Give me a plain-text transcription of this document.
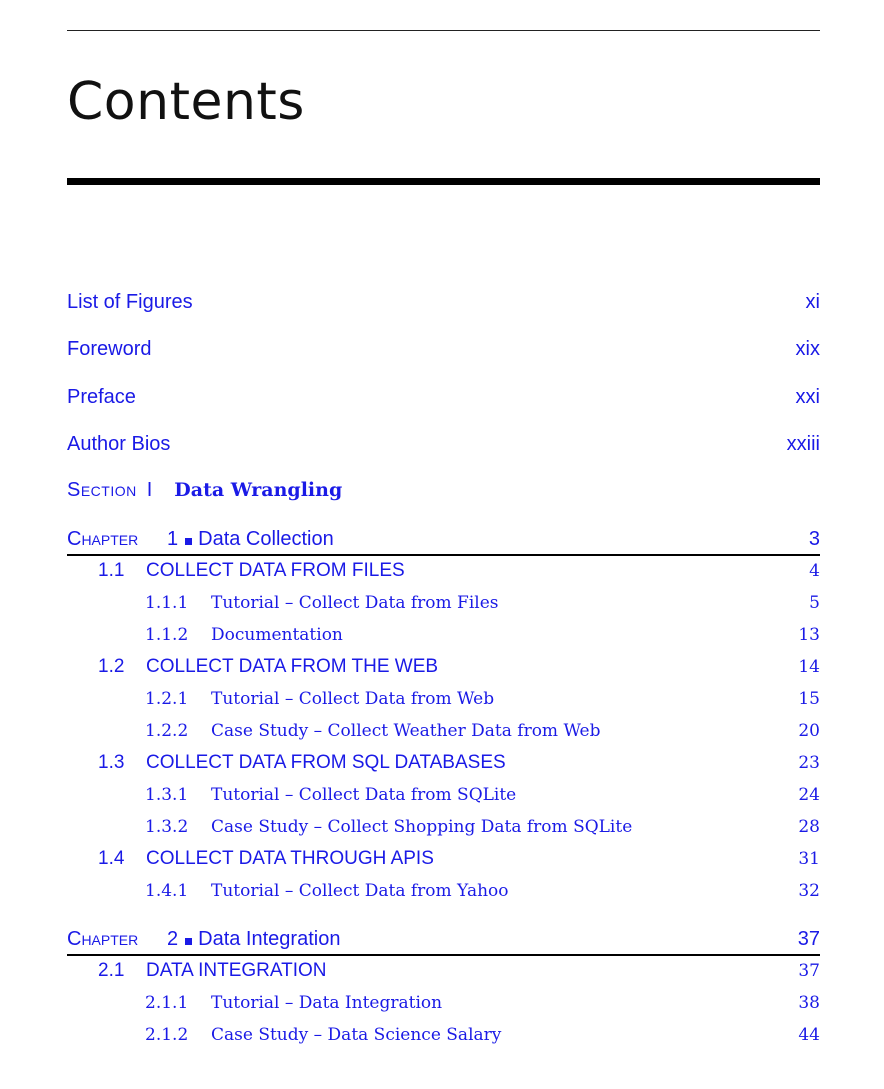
Contents
List of Figures	xi
Foreword	xix
Preface	xxi
Author Bios	xxiii
Section I Data Wrangling
Chapter	1 Data Collection	3
1.1	COLLECT DATA FROM FILES	4
1.1.1	Tutorial – Collect Data from Files	5
1.1.2	Documentation	13
1.2	COLLECT DATA FROM THE WEB	14
1.2.1	Tutorial – Collect Data from Web	15
1.2.2	Case Study – Collect Weather Data from Web	20
1.3	COLLECT DATA FROM SQL DATABASES	23
1.3.1	Tutorial – Collect Data from SQLite	24
1.3.2	Case Study – Collect Shopping Data from SQLite	28
1.4	COLLECT DATA THROUGH APIS	31
1.4.1	Tutorial – Collect Data from Yahoo	32
Chapter	2 Data Integration	37
2.1	DATA INTEGRATION	37
2.1.1	Tutorial – Data Integration	38
2.1.2	Case Study – Data Science Salary	44
